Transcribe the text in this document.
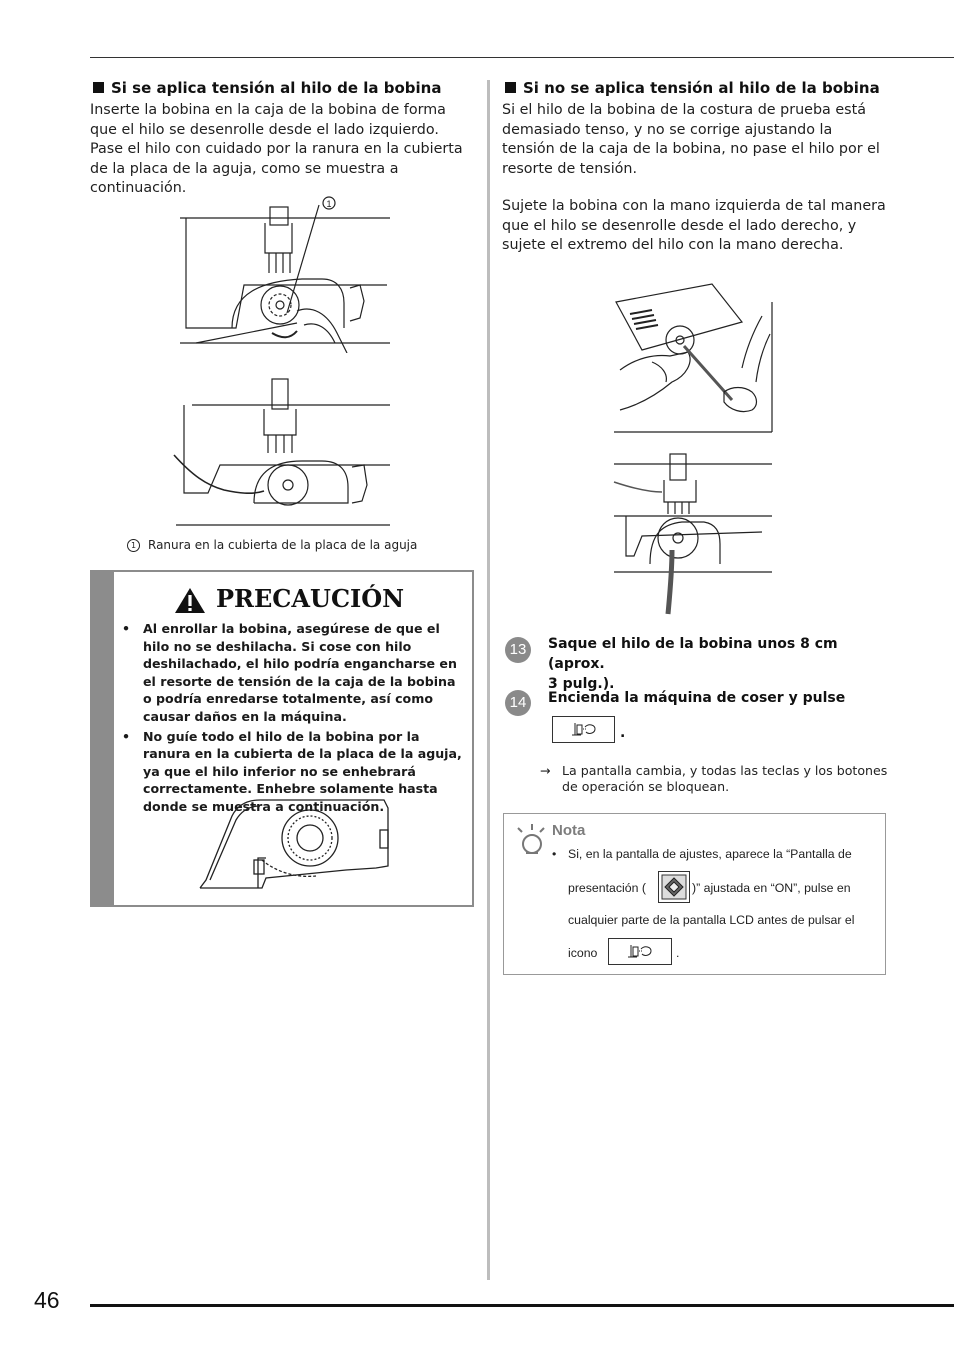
46
Si se aplica tensión al hilo de la bobina
Inserte la bobina en la caja de la bobina de forma que el hilo se desenrolle desde el lado izquierdo. Pase el hilo con cuidado por la ranura en la cubierta de la placa de la aguja, como se muestra a continuación.
1
1 Ranura en la cubierta de la placa de la aguja
PRECAUCIÓN
• Al enrollar la bobina, asegúrese de que el hilo no se deshilacha. Si cose con hilo deshilachado, el hilo podría engancharse en el resorte de tensión de la caja de la bobina o podría enredarse totalmente, así como causar daños en la máquina.
• No guíe todo el hilo de la bobina por la ranura en la cubierta de la placa de la aguja, ya que el hilo inferior no se enhebrará correctamente. Enhebre solamente hasta donde se muestra a continuación.
Si no se aplica tensión al hilo de la bobina
Si el hilo de la bobina de la costura de prueba está demasiado tenso, y no se corrige ajustando la tensión de la caja de la bobina, no pase el hilo por el resorte de tensión.
Sujete la bobina con la mano izquierda de tal manera que el hilo se desenrolle desde el lado derecho, y sujete el extremo del hilo con la mano derecha.
13	Saque el hilo de la bobina unos 8 cm (aprox.
3 pulg.).
14	Encienda la máquina de coser y pulse
.
→ La pantalla cambia, y todas las teclas y los botones
de operación se bloquean.
Nota
• Si, en la pantalla de ajustes, aparece la “Pantalla de
presentación (	)” ajustada en “ON”, pulse en
cualquier parte de la pantalla LCD antes de pulsar el
icono	.
